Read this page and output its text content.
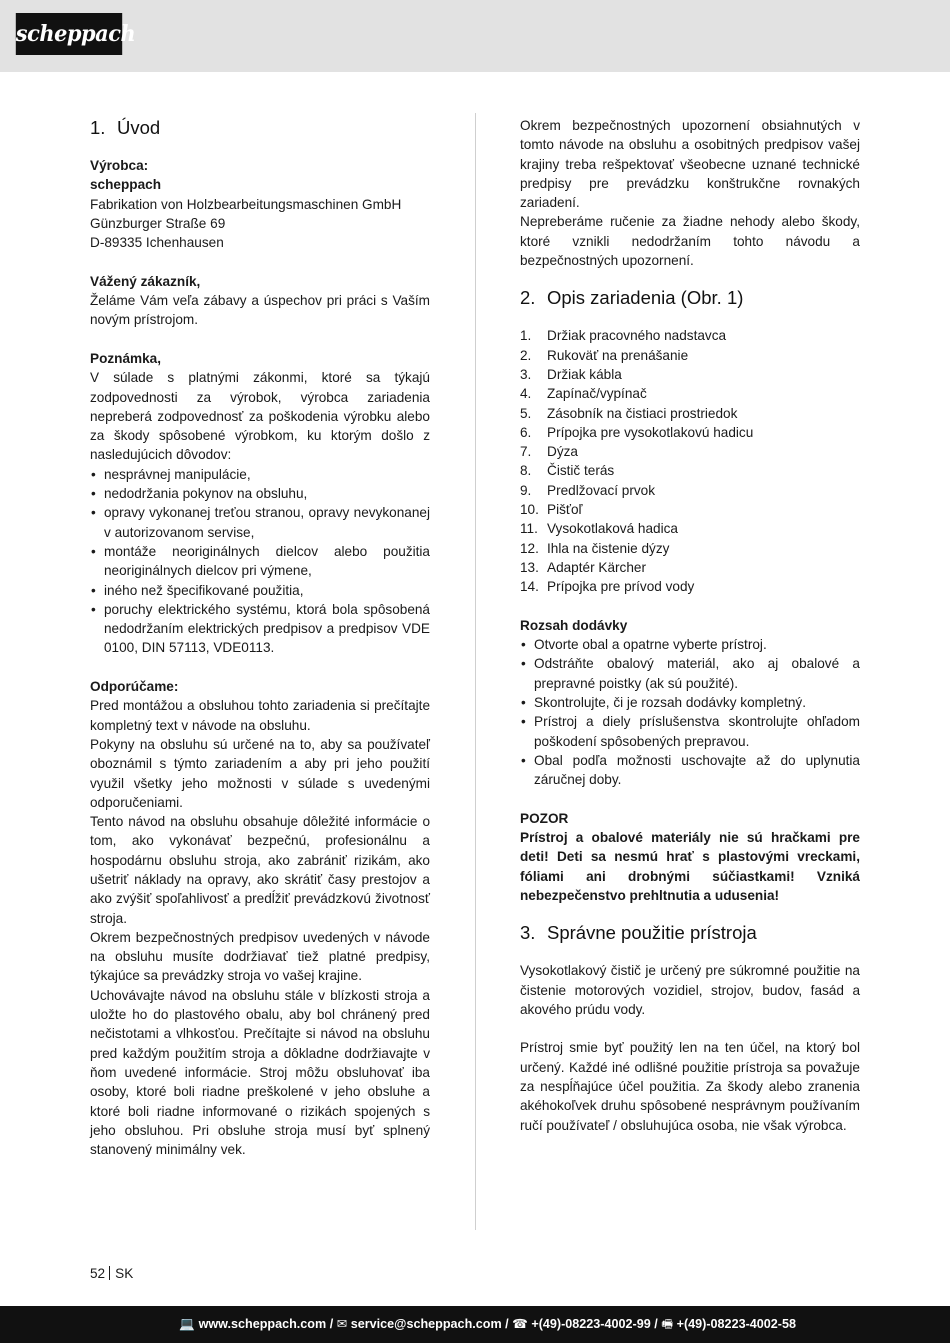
scheppach
1. Úvod
Výrobca:
scheppach
Fabrikation von Holzbearbeitungsmaschinen GmbH
Günzburger Straße 69
D-89335 Ichenhausen
Vážený zákazník,
Želáme Vám veľa zábavy a úspechov pri práci s Vaším novým prístrojom.
Poznámka,
V súlade s platnými zákonmi, ktoré sa týkajú zodpovednosti za výrobok, výrobca zariadenia nepreberá zodpovednosť za poškodenia výrobku alebo za škody spôsobené výrobkom, ku ktorým došlo z nasledujúcich dôvodov:
• nesprávnej manipulácie,
• nedodržania pokynov na obsluhu,
• opravy vykonanej treťou stranou, opravy nevykonanej v autorizovanom servise,
• montáže neoriginálnych dielcov alebo použitia neoriginálnych dielcov pri výmene,
• iného než špecifikované použitia,
• poruchy elektrického systému, ktorá bola spôsobená nedodržaním elektrických predpisov a predpisov VDE 0100, DIN 57113, VDE0113.
Odporúčame:
Pred montážou a obsluhou tohto zariadenia si prečítajte kompletný text v návode na obsluhu.
Pokyny na obsluhu sú určené na to, aby sa používateľ oboznámil s týmto zariadením a aby pri jeho použití využil všetky jeho možnosti v súlade s uvedenými odporučeniami.
Tento návod na obsluhu obsahuje dôležité informácie o tom, ako vykonávať bezpečnú, profesionálnu a hospodárnu obsluhu stroja, ako zabrániť rizikám, ako ušetriť náklady na opravy, ako skrátiť časy prestojov a ako zvýšiť spoľahlivosť a predĺžiť prevádzkovú životnosť stroja.
Okrem bezpečnostných predpisov uvedených v návode na obsluhu musíte dodržiavať tiež platné predpisy, týkajúce sa prevádzky stroja vo vašej krajine.
Uchovávajte návod na obsluhu stále v blízkosti stroja a uložte ho do plastového obalu, aby bol chránený pred nečistotami a vlhkosťou. Prečítajte si návod na obsluhu pred každým použitím stroja a dôkladne dodržiavajte v ňom uvedené informácie. Stroj môžu obsluhovať iba osoby, ktoré boli riadne preškolené v jeho obsluhe a ktoré boli riadne informované o rizikách spojených s jeho obsluhou. Pri obsluhe stroja musí byť splnený stanovený minimálny vek.
Okrem bezpečnostných upozornení obsiahnutých v tomto návode na obsluhu a osobitných predpisov vašej krajiny treba rešpektovať všeobecne uznané technické predpisy pre prevádzku konštrukčne rovnakých zariadení.
Nepreberáme ručenie za žiadne nehody alebo škody, ktoré vznikli nedodržaním tohto návodu a bezpečnostných upozornení.
2. Opis zariadenia (Obr. 1)
1. Držiak pracovného nadstavca
2. Rukoväť na prenášanie
3. Držiak kábla
4. Zapínač/vypínač
5. Zásobník na čistiaci prostriedok
6. Prípojka pre vysokotlakovú hadicu
7. Dýza
8. Čistič terás
9. Predlžovací prvok
10. Pišťoľ
11. Vysokotlaková hadica
12. Ihla na čistenie dýzy
13. Adaptér Kärcher
14. Prípojka pre prívod vody
Rozsah dodávky
• Otvorte obal a opatrne vyberte prístroj.
• Odstráňte obalový materiál, ako aj obalové a prepravné poistky (ak sú použité).
• Skontrolujte, či je rozsah dodávky kompletný.
• Prístroj a diely príslušenstva skontrolujte ohľadom poškodení spôsobených prepravou.
• Obal podľa možnosti uschovajte až do uplynutia záručnej doby.
POZOR
Prístroj a obalové materiály nie sú hračkami pre deti! Deti sa nesmú hrať s plastovými vreckami, fóliami ani drobnými súčiastkami! Vzniká nebezpečenstvo prehltnutia a udusenia!
3. Správne použitie prístroja
Vysokotlakový čistič je určený pre súkromné použitie na čistenie motorových vozidiel, strojov, budov, fasád a akového prúdu vody.
Prístroj smie byť použitý len na ten účel, na ktorý bol určený. Každé iné odlišné použitie prístroja sa považuje za nespĺňajúce účel použitia. Za škody alebo zranenia akéhokoľvek druhu spôsobené nesprávnym používaním ručí používateľ / obsluhujúca osoba, nie však výrobca.
52 SK
💻 www.scheppach.com / ✉ service@scheppach.com / ☎ +(49)-08223-4002-99 / 🖷 +(49)-08223-4002-58
